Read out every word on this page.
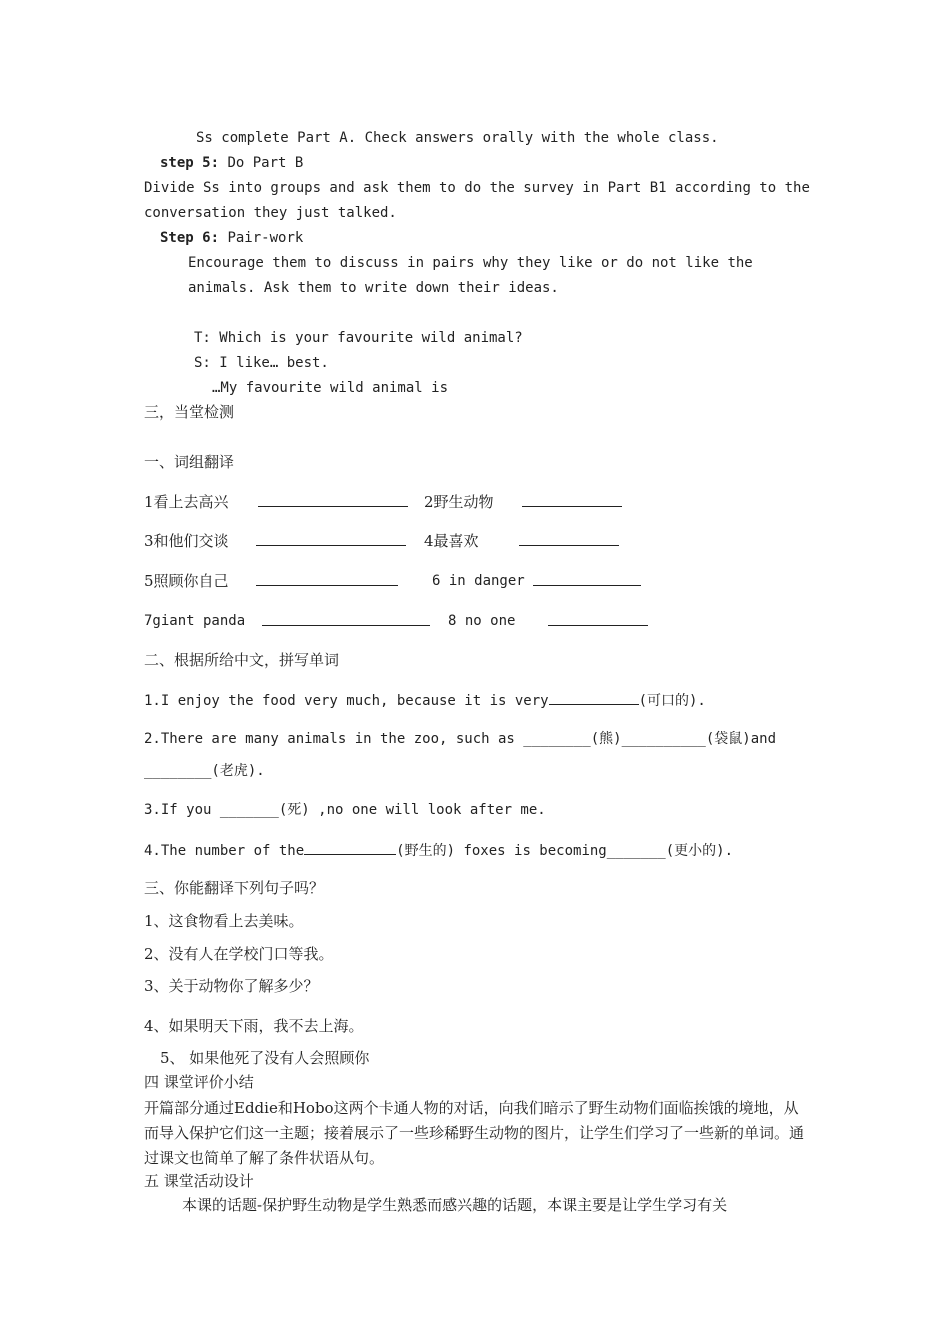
Ss complete Part A. Check answers orally with the whole class.
step 5: Do Part B
Divide Ss into groups and ask them to do the survey in Part B1 according to the
conversation they just talked.
Step 6: Pair-work
Encourage them to discuss in pairs why they like or do not like the
animals. Ask them to write down their ideas.
T: Which is your favourite wild animal?
S: I like… best.
…My favourite wild animal is
三，当堂检测
一、词组翻译
1看上去高兴	2野生动物
3和他们交谈	4最喜欢
5照顾你自己	6 in danger
7giant panda	8 no one
二、根据所给中文，拼写单词
1.I enjoy the food very much, because it is very	(可口的).
2.There are many animals in the zoo, such as ________(熊)__________(袋鼠)and
________(老虎).
3.If you _______(死) ,no one will look after me.
4.The number of the	(野生的) foxes is becoming_______(更小的).
三、你能翻译下列句子吗？
1、这食物看上去美味。
2、没有人在学校门口等我。
3、关于动物你了解多少？
4、如果明天下雨，我不去上海。
5、 如果他死了没有人会照顾你
四 课堂评价小结
开篇部分通过Eddie和Hobo这两个卡通人物的对话，向我们暗示了野生动物们面临挨饿的境地，从而导入保护它们这一主题；接着展示了一些珍稀野生动物的图片，让学生们学习了一些新的单词。通过课文也简单了解了条件状语从句。
五 课堂活动设计
本课的话题-保护野生动物是学生熟悉而感兴趣的话题，本课主要是让学生学习有关
